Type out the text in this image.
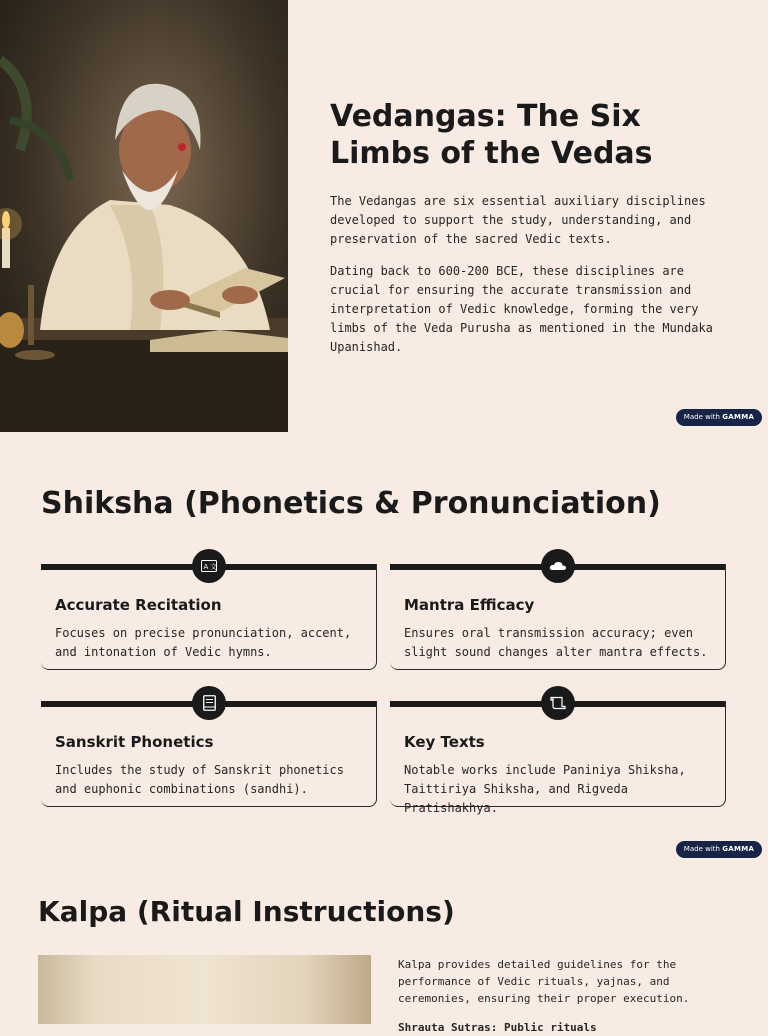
Vedangas: The Six Limbs of the Vedas

The Vedangas are six essential auxiliary disciplines developed to support the study, understanding, and preservation of the sacred Vedic texts.

Dating back to 600-200 BCE, these disciplines are crucial for ensuring the accurate transmission and interpretation of Vedic knowledge, forming the very limbs of the Veda Purusha as mentioned in the Mundaka Upanishad.

Made with GAMMA
Shiksha (Phonetics & Pronunciation)
A 文
Accurate Recitation

Focuses on precise pronunciation, accent, and intonation of Vedic hymns.

Mantra Efficacy

Ensures oral transmission accuracy; even slight sound changes alter mantra effects.

Sanskrit Phonetics

Includes the study of Sanskrit phonetics and euphonic combinations (sandhi).

Key Texts

Notable works include Paniniya Shiksha, Taittiriya Shiksha, and Rigveda Pratishakhya.

Made with GAMMA
Kalpa (Ritual Instructions)

Kalpa provides detailed guidelines for the performance of Vedic rituals, yajnas, and ceremonies, ensuring their proper execution.

Shrauta Sutras: Public rituals
